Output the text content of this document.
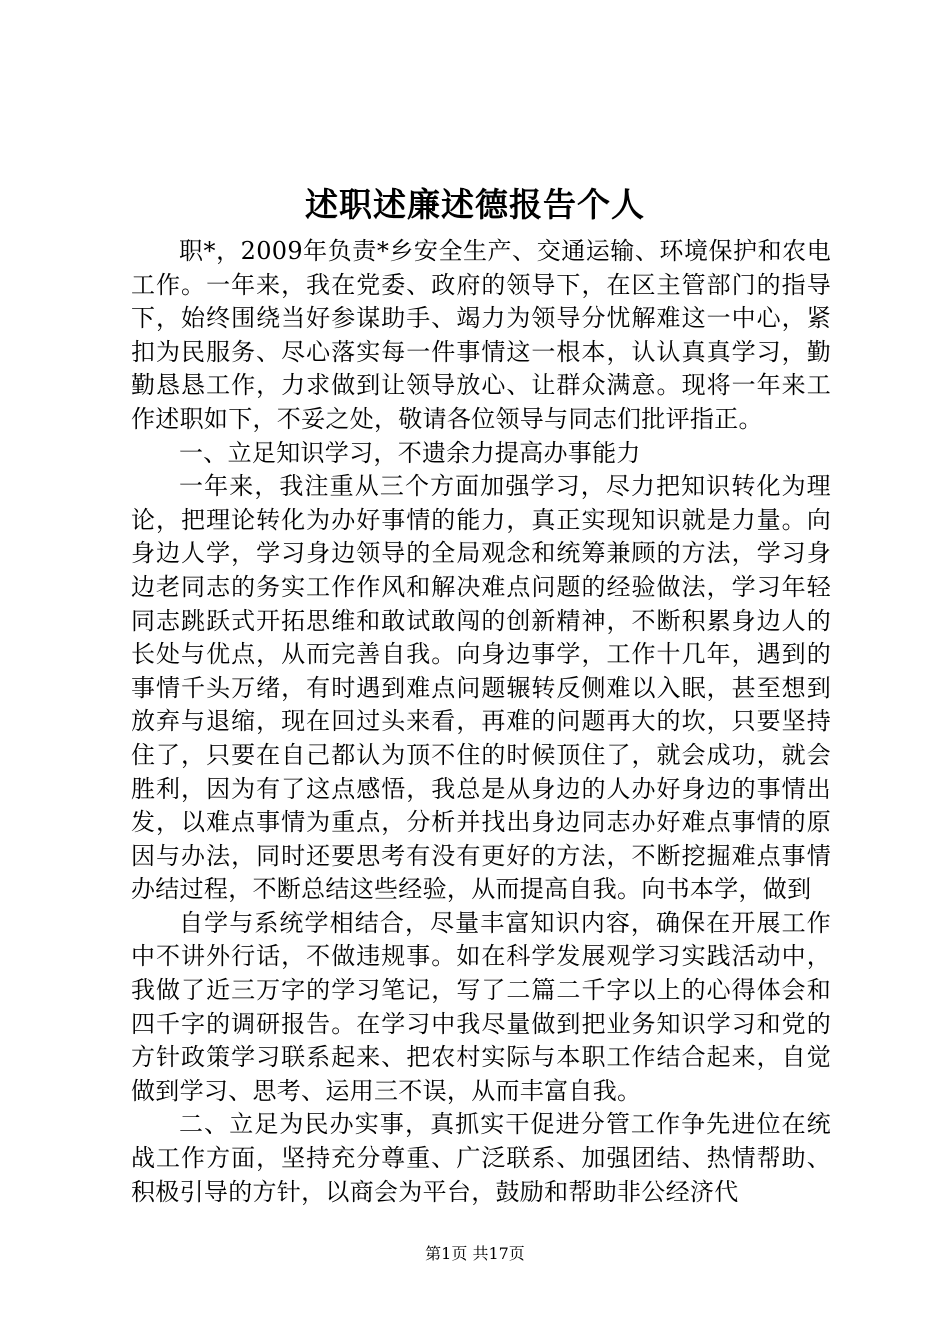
述职述廉述德报告个人

职*，2009年负责*乡安全生产、交通运输、环境保护和农电工作。一年来，我在党委、政府的领导下，在区主管部门的指导下，始终围绕当好参谋助手、竭力为领导分忧解难这一中心，紧扣为民服务、尽心落实每一件事情这一根本，认认真真学习，勤勤恳恳工作，力求做到让领导放心、让群众满意。现将一年来工作述职如下，不妥之处，敬请各位领导与同志们批评指正。

一、立足知识学习，不遗余力提高办事能力

一年来，我注重从三个方面加强学习，尽力把知识转化为理论，把理论转化为办好事情的能力，真正实现知识就是力量。向身边人学，学习身边领导的全局观念和统筹兼顾的方法，学习身边老同志的务实工作作风和解决难点问题的经验做法，学习年轻同志跳跃式开拓思维和敢试敢闯的创新精神，不断积累身边人的长处与优点，从而完善自我。向身边事学，工作十几年，遇到的事情千头万绪，有时遇到难点问题辗转反侧难以入眠，甚至想到放弃与退缩，现在回过头来看，再难的问题再大的坎，只要坚持住了，只要在自己都认为顶不住的时候顶住了，就会成功，就会胜利，因为有了这点感悟，我总是从身边的人办好身边的事情出发，以难点事情为重点，分析并找出身边同志办好难点事情的原因与办法，同时还要思考有没有更好的方法，不断挖掘难点事情办结过程，不断总结这些经验，从而提高自我。向书本学，做到

自学与系统学相结合，尽量丰富知识内容，确保在开展工作中不讲外行话，不做违规事。如在科学发展观学习实践活动中，我做了近三万字的学习笔记，写了二篇二千字以上的心得体会和四千字的调研报告。在学习中我尽量做到把业务知识学习和党的方针政策学习联系起来、把农村实际与本职工作结合起来，自觉做到学习、思考、运用三不误，从而丰富自我。

二、立足为民办实事，真抓实干促进分管工作争先进位在统战工作方面，坚持充分尊重、广泛联系、加强团结、热情帮助、积极引导的方针，以商会为平台，鼓励和帮助非公经济代

第1页 共17页
